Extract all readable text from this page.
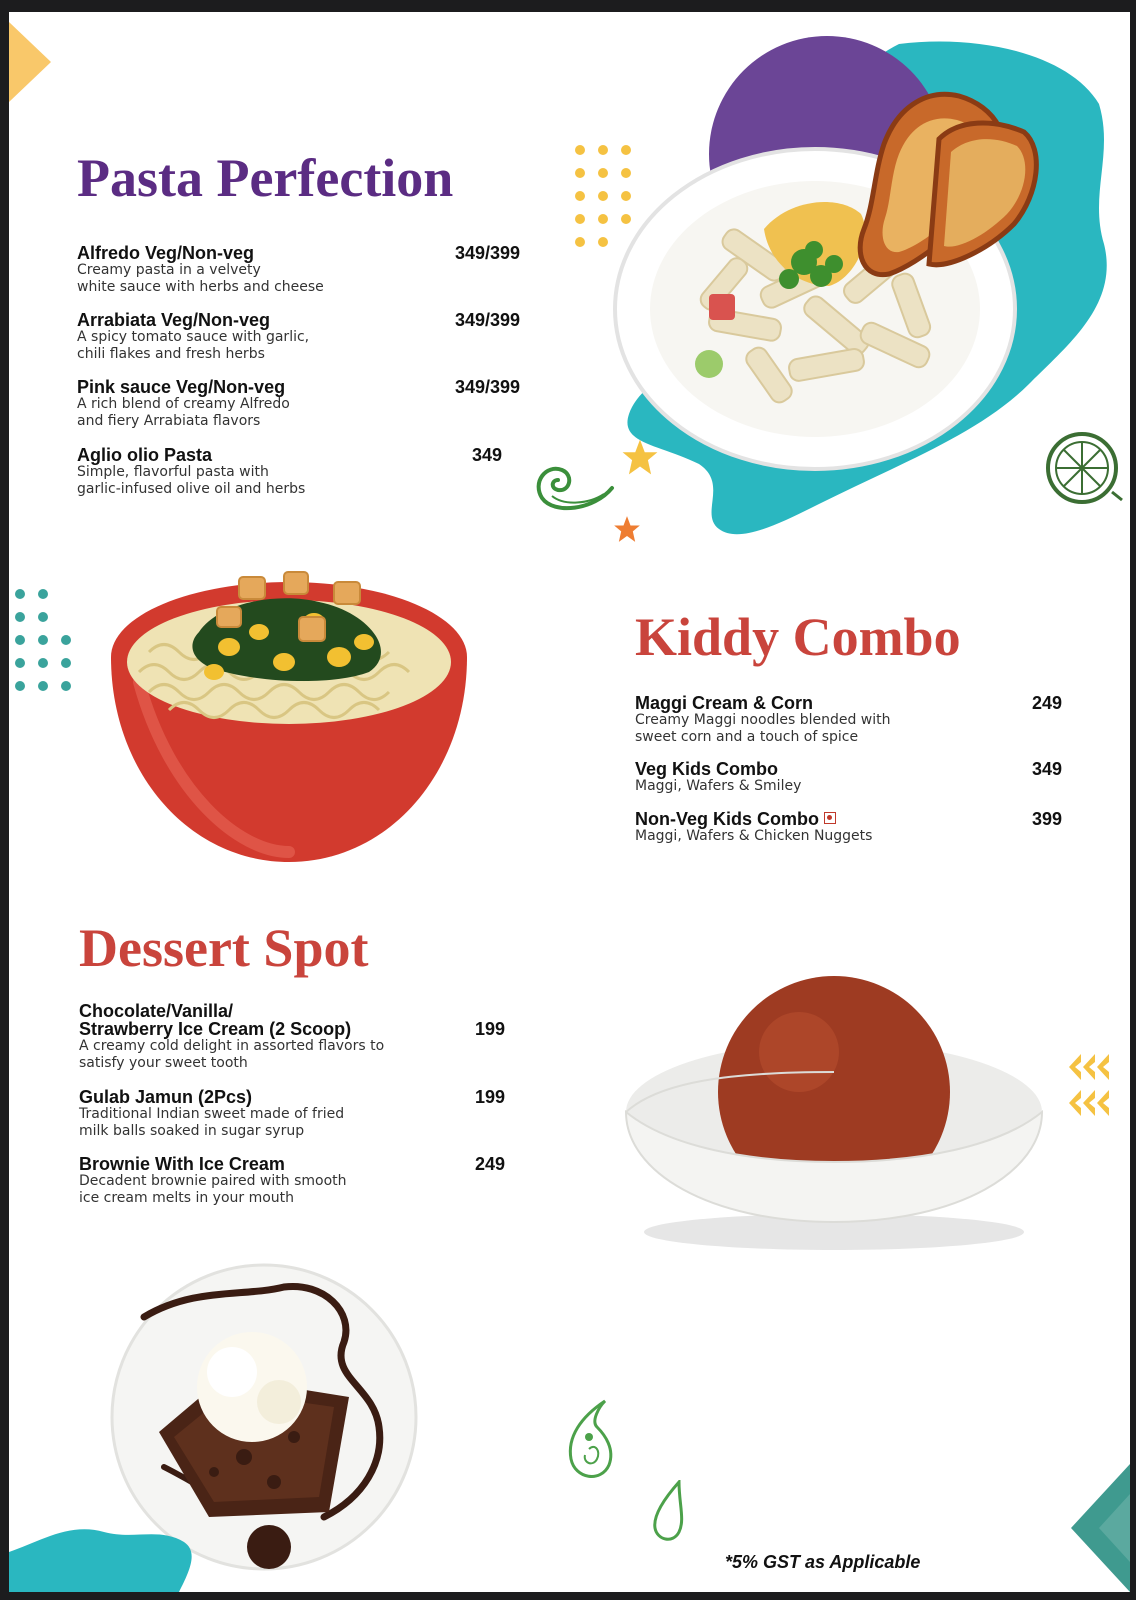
Pasta Perfection
Alfredo Veg/Non-veg
Creamy pasta in a velvety
white sauce with herbs and cheese
349/399
Arrabiata Veg/Non-veg
A spicy tomato sauce with garlic,
chili flakes and fresh herbs
349/399
Pink sauce Veg/Non-veg
A rich blend of creamy Alfredo
and fiery Arrabiata flavors
349/399
Aglio olio Pasta
Simple, flavorful pasta with
garlic-infused olive oil and herbs
349
Kiddy Combo
Maggi Cream & Corn
Creamy Maggi noodles blended with
sweet corn and a touch of spice
249
Veg Kids Combo
Maggi, Wafers & Smiley
349
Non-Veg Kids Combo
Maggi, Wafers & Chicken Nuggets
399
Dessert Spot
Chocolate/Vanilla/
Strawberry Ice Cream (2 Scoop)
A creamy cold delight in assorted flavors to
satisfy your sweet tooth
199
Gulab Jamun (2Pcs)
Traditional Indian sweet made of fried
milk balls soaked in sugar syrup
199
Brownie With Ice Cream
Decadent brownie paired with smooth
ice cream melts in your mouth
249
*5% GST as Applicable
